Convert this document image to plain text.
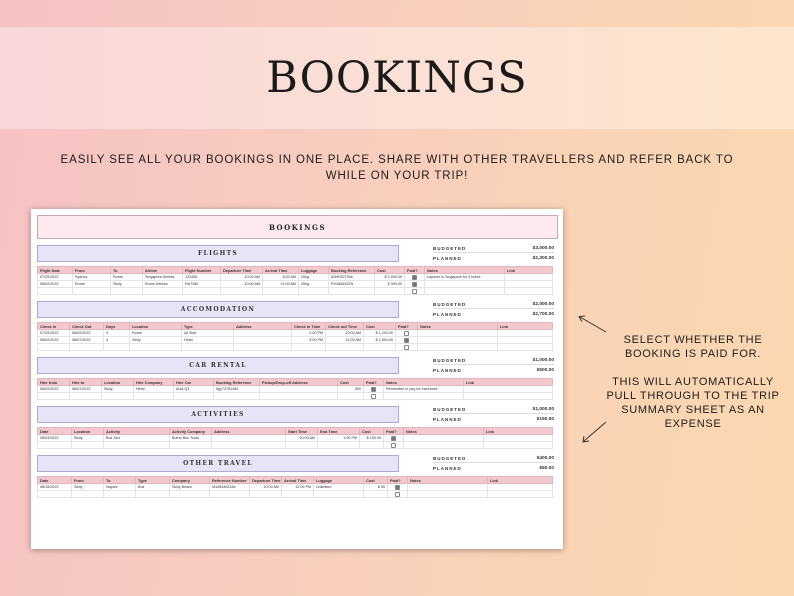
BOOKINGS
EASILY SEE ALL YOUR BOOKINGS IN ONE PLACE. SHARE WITH OTHER TRAVELLERS AND REFER BACK TO WHILE ON YOUR TRIP!
BOOKINGS
FLIGHTS
BUDGETED	$3,000.00
PLANNED	$2,300.00
Flight Date	From	To	Airline	Flight Number	Departure Time	Arrival Time	Luggage	Booking Reference	Cost	Paid?	Notes	Link
07/29/2023	Sydney	Rome	Singapore Airlines	123456	10:00 AM	5:00 AM	20kg	A0HF827546	$ 2,000.00		Layover in Singapore for 4 hours	
08/02/2023	Rome	Sicily	Rome Airlines	RA7380	10:00 AM	11:00 AM	20kg	RX2884422N	$ 300.00			

ACCOMODATION
BUDGETED	$2,000.00
PLANNED	$2,700.00
Check In	Check Out	Days	Location	Type	Address	Check In Time	Check out Time	Cost	Paid?	Notes	Link
07/29/2023	08/02/2023	4	Rome	Air Bnb		2:00 PM	10:00 AM	$ 1,200.00			
08/02/2023	08/07/2023	4	Sicily	Hotel		3:00 PM	11:00 AM	$ 1,500.00			

CAR RENTAL
BUDGETED	$1,000.00
PLANNED	$500.00
Hire from	Hire to	Location	Hire Company	Hire Car	Booking Reference	Pickup/Drop-off Address	Cost	Paid?	Notes	Link
08/02/2023	08/07/2023	Sicily	Hertz	Audi Q3	5gy73781466		500		Remember to pay for insurance	

ACTIVITIES
BUDGETED	$1,000.00
PLANNED	$150.00
Date	Location	Activity	Activity Company	Address	Start Time	End Time	Cost	Paid?	Notes	Link
08/03/2023	Sicily	Bus Tour	Bumb Bus Tours		10:00 AM	1:00 PM	$ 150.00			

OTHER TRAVEL
BUDGETED	$400.00
PLANNED	$50.00
Date	From	To	Type	Company	Reference Number	Departure Time	Arrival Time	Luggage	Cost	Paid?	Notes	Link
08/15/2023	Sicily	Naples	Bus	Sicily Buses	M4454462346	10:00 AM	12:00 PM	Unlimited	$ 50			

SELECT WHETHER THE BOOKING IS PAID FOR.
THIS WILL AUTOMATICALLY PULL THROUGH TO THE TRIP SUMMARY SHEET AS AN EXPENSE
